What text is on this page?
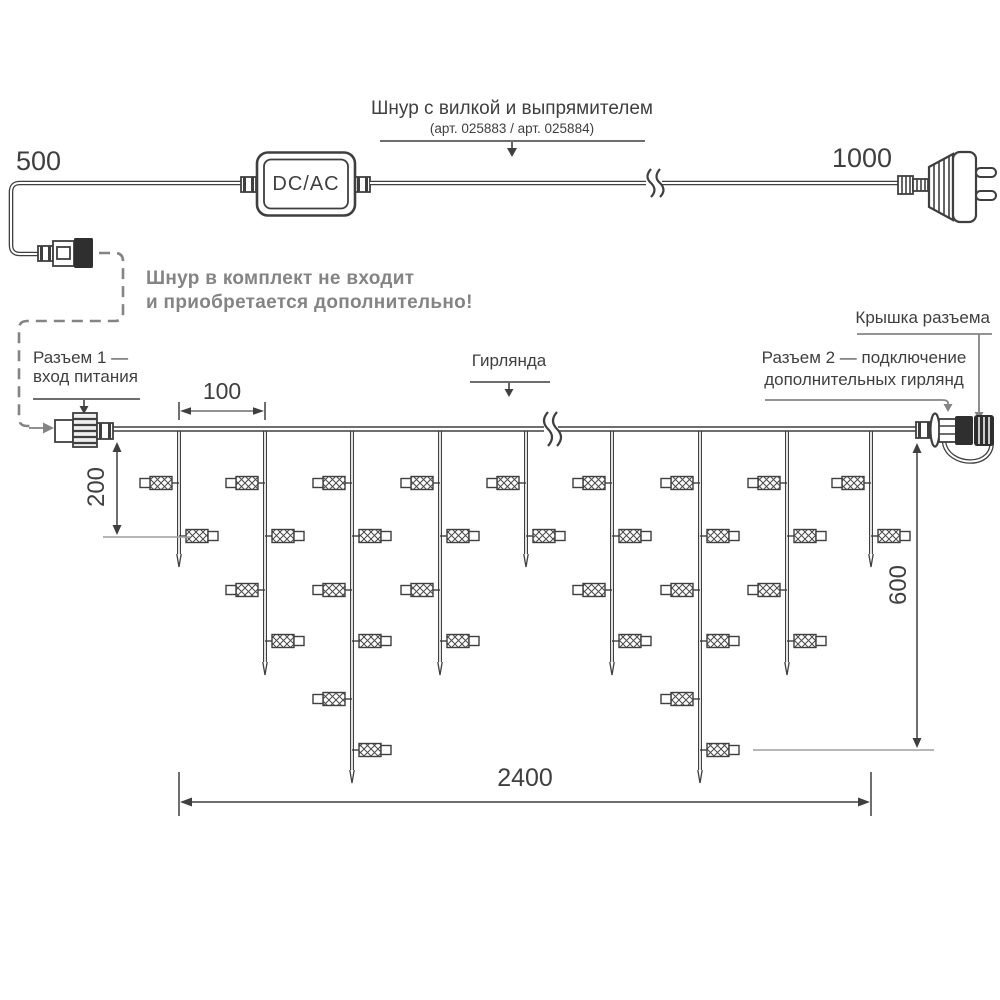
500	1000
Шнур с вилкой и выпрямителем
(арт. 025883 / арт. 025884)
DC/AC
Шнур в комплект не входит
и приобретается дополнительно!
Разъем 1 —
вход питания
Гирлянда
Крышка разъема
Разъем 2 — подключение
дополнительных гирлянд
100
200
600
2400
